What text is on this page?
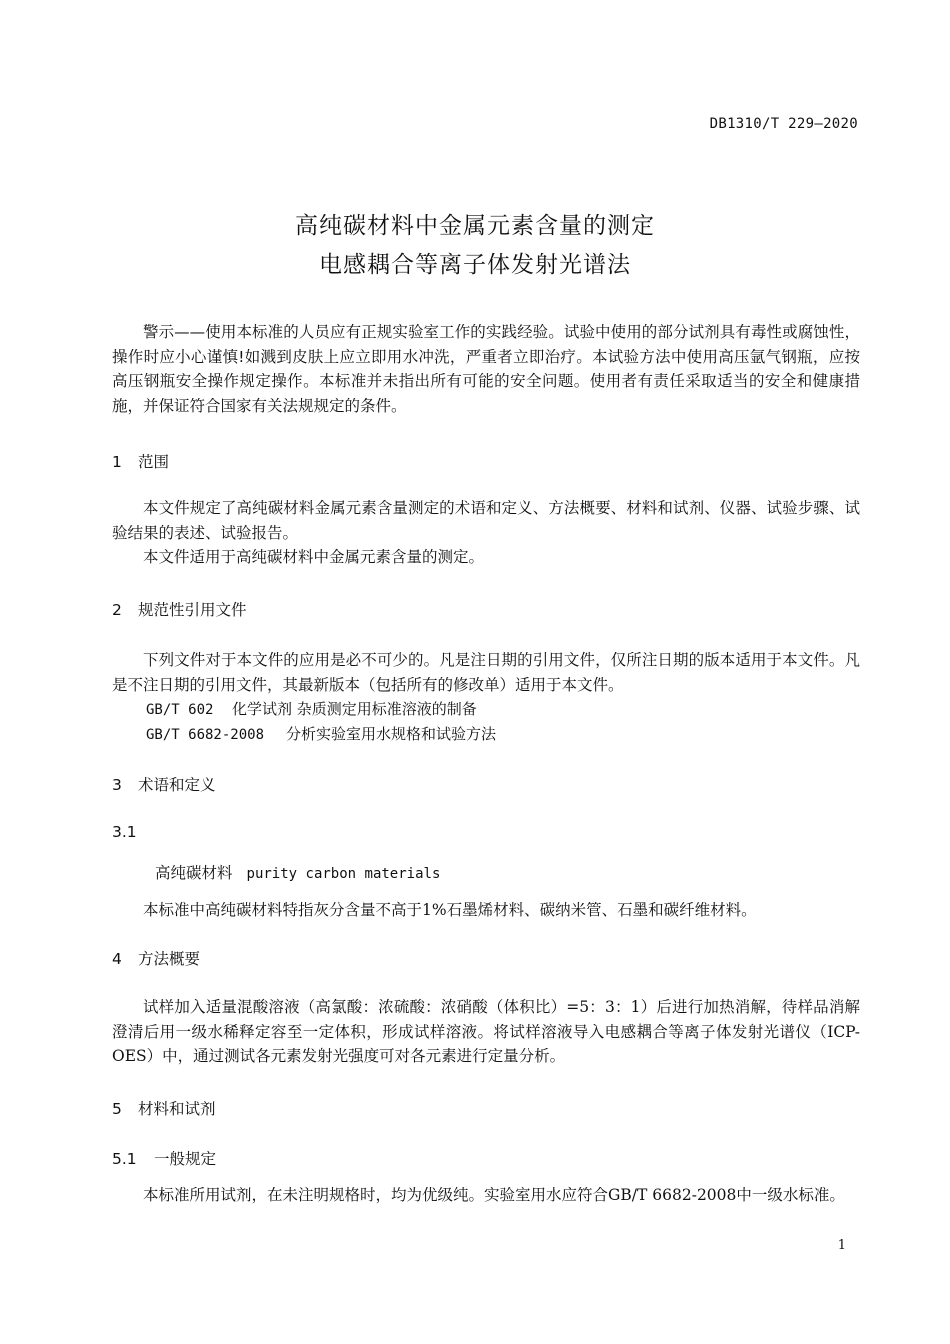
DB1310/T 229—2020
高纯碳材料中金属元素含量的测定
电感耦合等离子体发射光谱法

警示——使用本标准的人员应有正规实验室工作的实践经验。试验中使用的部分试剂具有毒性或腐蚀性，操作时应小心谨慎!如溅到皮肤上应立即用水冲洗，严重者立即治疗。本试验方法中使用高压氩气钢瓶，应按高压钢瓶安全操作规定操作。本标准并未指出所有可能的安全问题。使用者有责任采取适当的安全和健康措施，并保证符合国家有关法规规定的条件。

1 范围

本文件规定了高纯碳材料金属元素含量测定的术语和定义、方法概要、材料和试剂、仪器、试验步骤、试验结果的表述、试验报告。

本文件适用于高纯碳材料中金属元素含量的测定。

2 规范性引用文件

下列文件对于本文件的应用是必不可少的。凡是注日期的引用文件，仅所注日期的版本适用于本文件。凡是不注日期的引用文件，其最新版本（包括所有的修改单）适用于本文件。

GB/T 602 化学试剂 杂质测定用标准溶液的制备
GB/T 6682-2008 分析实验室用水规格和试验方法
3 术语和定义
3.1
高纯碳材料 purity carbon materials

本标准中高纯碳材料特指灰分含量不高于1%石墨烯材料、碳纳米管、石墨和碳纤维材料。

4 方法概要

试样加入适量混酸溶液（高氯酸：浓硫酸：浓硝酸（体积比）=5：3：1）后进行加热消解，待样品消解澄清后用一级水稀释定容至一定体积，形成试样溶液。将试样溶液导入电感耦合等离子体发射光谱仪（ICP-OES）中，通过测试各元素发射光强度可对各元素进行定量分析。

5 材料和试剂
5.1 一般规定

本标准所用试剂，在未注明规格时，均为优级纯。实验室用水应符合GB/T 6682-2008中一级水标准。

1
